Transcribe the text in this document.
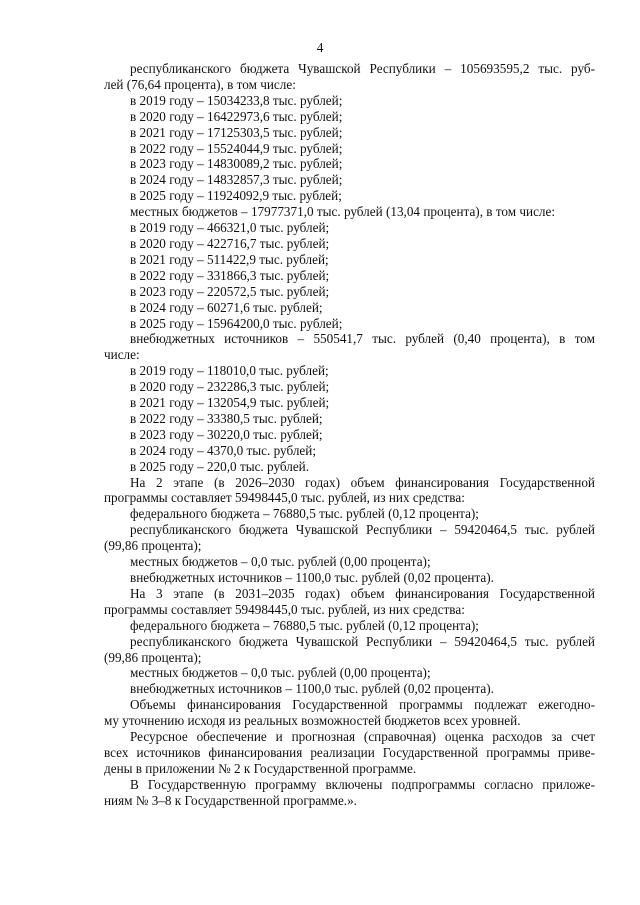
4
республиканского бюджета Чувашской Республики – 105693595,2 тыс. руб-
лей (76,64 процента), в том числе:
в 2019 году – 15034233,8 тыс. рублей;
в 2020 году – 16422973,6 тыс. рублей;
в 2021 году – 17125303,5 тыс. рублей;
в 2022 году – 15524044,9 тыс. рублей;
в 2023 году – 14830089,2 тыс. рублей;
в 2024 году – 14832857,3 тыс. рублей;
в 2025 году – 11924092,9 тыс. рублей;
местных бюджетов – 17977371,0 тыс. рублей (13,04 процента), в том числе:
в 2019 году – 466321,0 тыс. рублей;
в 2020 году – 422716,7 тыс. рублей;
в 2021 году – 511422,9 тыс. рублей;
в 2022 году – 331866,3 тыс. рублей;
в 2023 году – 220572,5 тыс. рублей;
в 2024 году – 60271,6 тыс. рублей;
в 2025 году – 15964200,0 тыс. рублей;
внебюджетных источников – 550541,7 тыс. рублей (0,40 процента), в том
числе:
в 2019 году – 118010,0 тыс. рублей;
в 2020 году – 232286,3 тыс. рублей;
в 2021 году – 132054,9 тыс. рублей;
в 2022 году – 33380,5 тыс. рублей;
в 2023 году – 30220,0 тыс. рублей;
в 2024 году – 4370,0 тыс. рублей;
в 2025 году – 220,0 тыс. рублей.
На 2 этапе (в 2026–2030 годах) объем финансирования Государственной
программы составляет 59498445,0 тыс. рублей, из них средства:
федерального бюджета – 76880,5 тыс. рублей (0,12 процента);
республиканского бюджета Чувашской Республики – 59420464,5 тыс. рублей
(99,86 процента);
местных бюджетов – 0,0 тыс. рублей (0,00 процента);
внебюджетных источников – 1100,0 тыс. рублей (0,02 процента).
На 3 этапе (в 2031–2035 годах) объем финансирования Государственной
программы составляет 59498445,0 тыс. рублей, из них средства:
федерального бюджета – 76880,5 тыс. рублей (0,12 процента);
республиканского бюджета Чувашской Республики – 59420464,5 тыс. рублей
(99,86 процента);
местных бюджетов – 0,0 тыс. рублей (0,00 процента);
внебюджетных источников – 1100,0 тыс. рублей (0,02 процента).
Объемы финансирования Государственной программы подлежат ежегодно-
му уточнению исходя из реальных возможностей бюджетов всех уровней.
Ресурсное обеспечение и прогнозная (справочная) оценка расходов за счет
всех источников финансирования реализации Государственной программы приве-
дены в приложении № 2 к Государственной программе.
В Государственную программу включены подпрограммы согласно приложе-
ниям № 3–8 к Государственной программе.».
